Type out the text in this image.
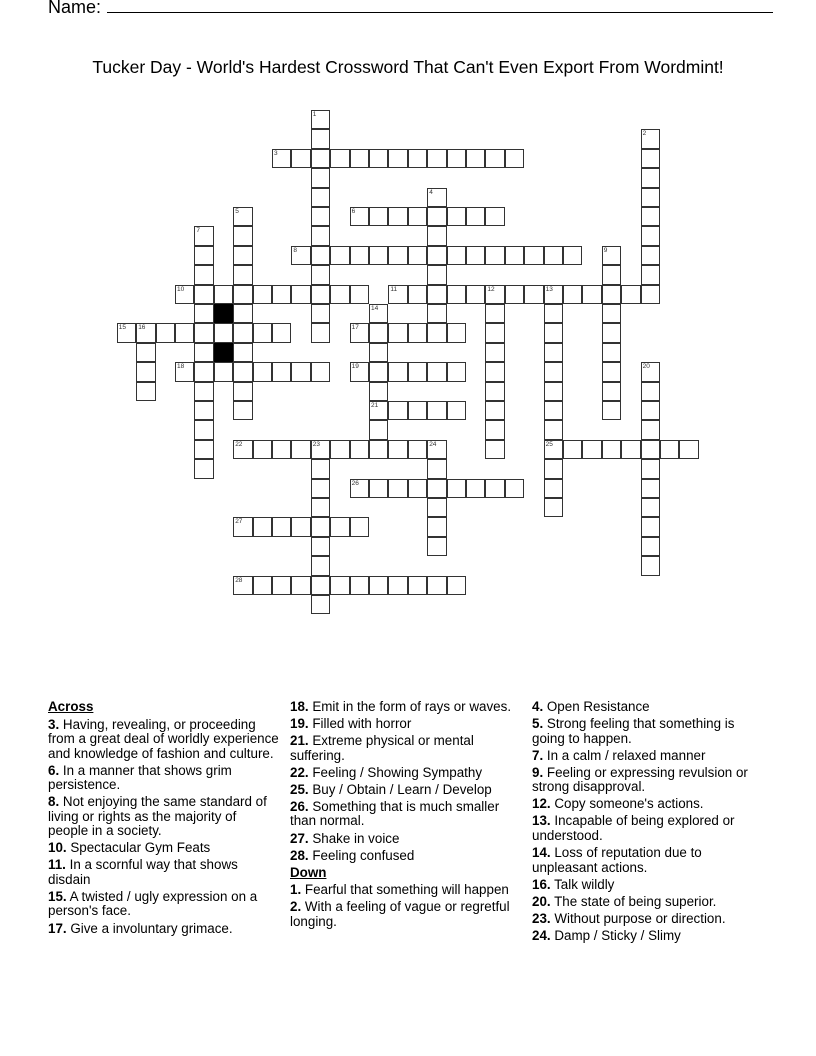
Name:
Tucker Day - World's Hardest Crossword That Can't Even Export From Wordmint!
1
2
3
4
5	6
7
8	9
10	11	12	13
25
14
21
15 16	17
18	19	20
22	23	24
26
27
28
Across
3. Having, revealing, or proceeding from a great deal of worldly experience and knowledge of fashion and culture.
6. In a manner that shows grim persistence.
8. Not enjoying the same standard of living or rights as the majority of people in a society.
10. Spectacular Gym Feats
11. In a scornful way that shows disdain
15. A twisted / ugly expression on a person's face.
17. Give a involuntary grimace.
18. Emit in the form of rays or waves.
19. Filled with horror
21. Extreme physical or mental suffering.
22. Feeling / Showing Sympathy
25. Buy / Obtain / Learn / Develop
26. Something that is much smaller than normal.
27. Shake in voice
28. Feeling confused
Down
1. Fearful that something will happen
2. With a feeling of vague or regretful longing.
4. Open Resistance
5. Strong feeling that something is going to happen.
7. In a calm / relaxed manner
9. Feeling or expressing revulsion or strong disapproval.
12. Copy someone's actions.
13. Incapable of being explored or understood.
14. Loss of reputation due to unpleasant actions.
16. Talk wildly
20. The state of being superior.
23. Without purpose or direction.
24. Damp / Sticky / Slimy
